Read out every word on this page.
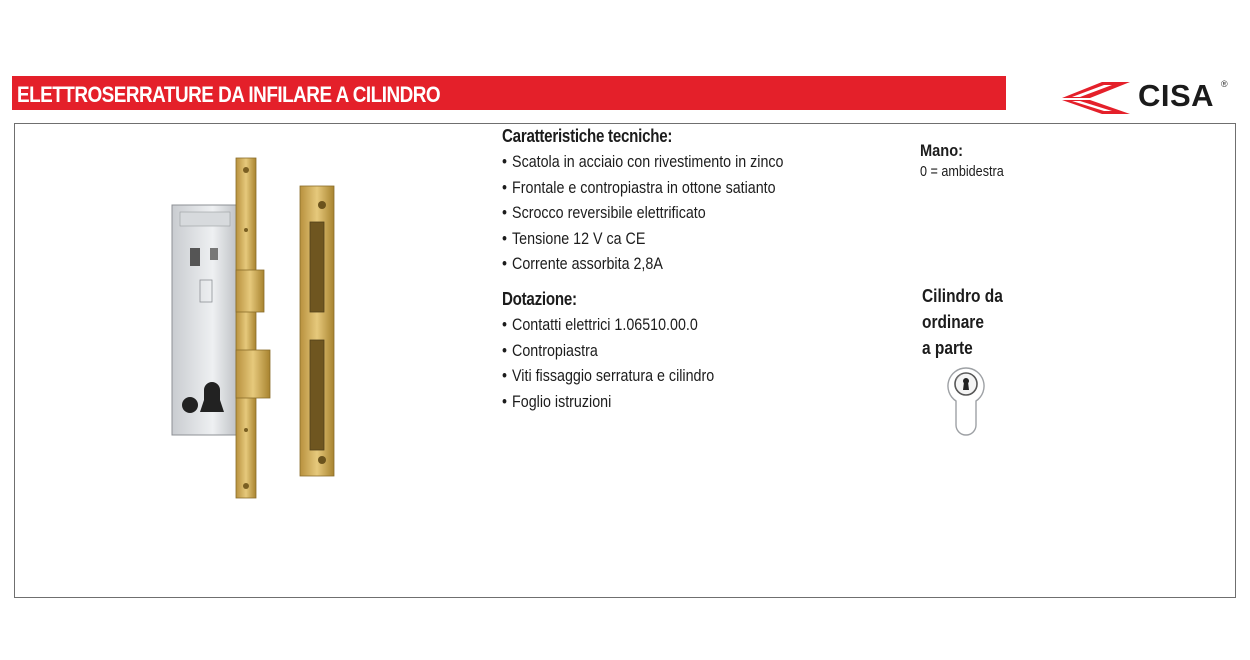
ELETTROSERRATURE DA INFILARE A CILINDRO	CISA ®
Caratteristiche tecniche:
• Scatola in acciaio con rivestimento in zinco
• Frontale e contropiastra in ottone satianto
• Scrocco reversibile elettrificato
• Tensione 12 V ca CE
• Corrente assorbita 2,8A
Dotazione:
• Contatti elettrici 1.06510.00.0
• Contropiastra
• Viti fissaggio serratura e cilindro
• Foglio istruzioni
Mano:
0 = ambidestra
Cilindro da
ordinare
a parte
